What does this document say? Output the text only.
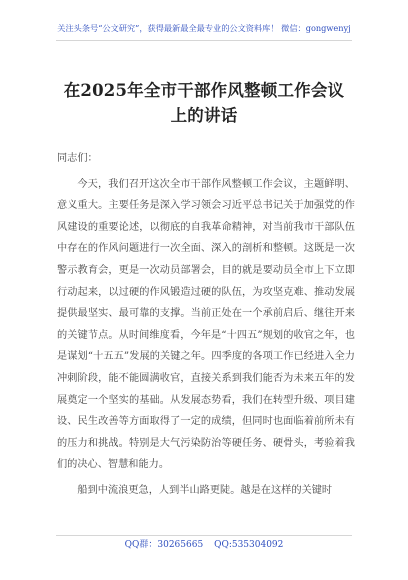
关注头条号“公文研究”，获得最新最全最专业的公文资料库！ 微信：gongwenyj
在2025年全市干部作风整顿工作会议上的讲话

同志们：

今天，我们召开这次全市干部作风整顿工作会议，主题鲜明、意义重大。主要任务是深入学习领会习近平总书记关于加强党的作风建设的重要论述，以彻底的自我革命精神，对当前我市干部队伍中存在的作风问题进行一次全面、深入的剖析和整顿。这既是一次警示教育会，更是一次动员部署会，目的就是要动员全市上下立即行动起来，以过硬的作风锻造过硬的队伍，为攻坚克难、推动发展提供最坚实、最可靠的支撑。当前正处在一个承前启后、继往开来的关键节点。从时间维度看，今年是“十四五”规划的收官之年，也是谋划“十五五”发展的关键之年。四季度的各项工作已经进入全力冲刺阶段，能不能圆满收官，直接关系到我们能否为未来五年的发展奠定一个坚实的基础。从发展态势看，我们在转型升级、项目建设、民生改善等方面取得了一定的成绩，但同时也面临着前所未有的压力和挑战。特别是大气污染防治等硬任务、硬骨头，考验着我们的决心、智慧和能力。

船到中流浪更急，人到半山路更陡。越是在这样的关键时

QQ群：30265665 QQ:535304092
